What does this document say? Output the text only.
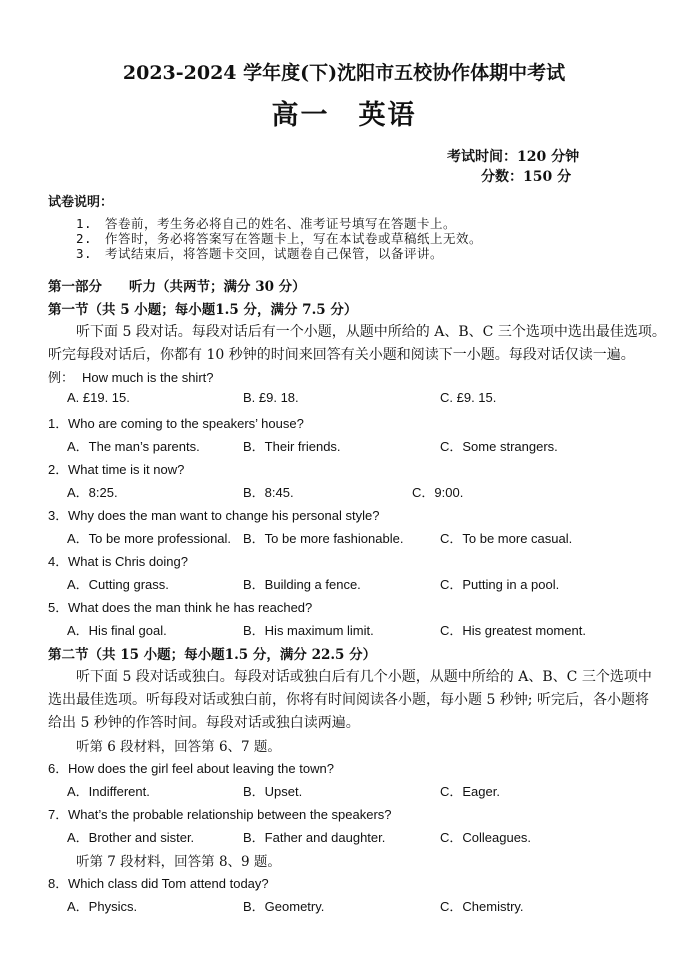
2023-2024 学年度(下)沈阳市五校协作体期中考试
高一　英语
考试时间：120 分钟
分数：150 分
试卷说明：
1.　答卷前，考生务必将自己的姓名、准考证号填写在答题卡上。
2.　作答时，务必将答案写在答题卡上，写在本试卷或草稿纸上无效。
3.　考试结束后，将答题卡交回，试题卷自己保管，以备评讲。
第一部分　　听力（共两节；满分 30 分）
第一节（共 5 小题；每小题1.5 分，满分 7.5 分）
听下面 5 段对话。每段对话后有一个小题，从题中所给的 A、B、C 三个选项中选出最佳选项。
听完每段对话后，你都有 10 秒钟的时间来回答有关小题和阅读下一小题。每段对话仅读一遍。
例： How much is the shirt?
A. £19. 15.	B. £9. 18.	C. £9. 15.
1．Who are coming to the speakers’ house?
A．The man’s parents.	B．Their friends.	C．Some strangers.
2．What time is it now?
A．8:25.	B．8:45.	C．9:00.
3．Why does the man want to change his personal style?
A．To be more professional. B．To be more fashionable.	C．To be more casual.
4．What is Chris doing?
A．Cutting grass.	B．Building a fence.	C．Putting in a pool.
5．What does the man think he has reached?
A．His final goal.	B．His maximum limit.	C．His greatest moment.
第二节（共 15 小题；每小题1.5 分，满分 22.5 分）
听下面 5 段对话或独白。每段对话或独白后有几个小题，从题中所给的 A、B、C 三个选项中
选出最佳选项。听每段对话或独白前，你将有时间阅读各小题，每小题 5 秒钟; 听完后，各小题将
给出 5 秒钟的作答时间。每段对话或独白读两遍。
听第 6 段材料，回答第 6、7 题。
6．How does the girl feel about leaving the town?
A．Indifferent.	B．Upset.	C．Eager.
7．What’s the probable relationship between the speakers?
A．Brother and sister.	B．Father and daughter.	C．Colleagues.
听第 7 段材料，回答第 8、9 题。
8．Which class did Tom attend today?
A．Physics.	B．Geometry.	C．Chemistry.
